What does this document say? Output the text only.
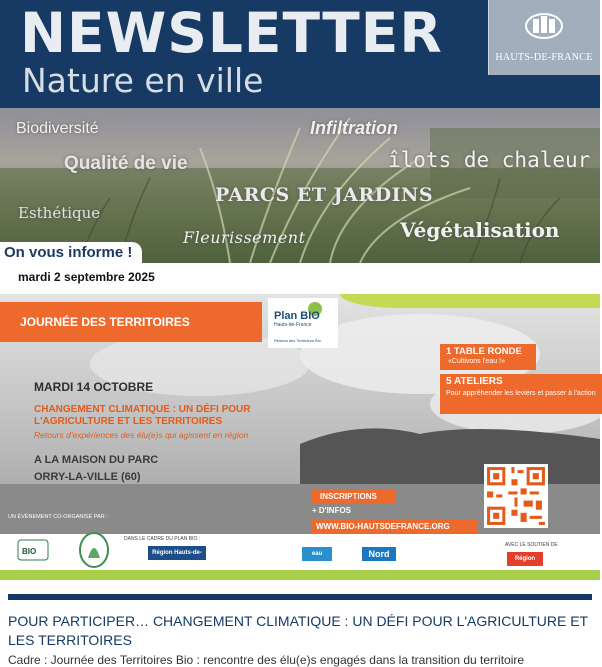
NEWSLETTER
Nature en ville
HAUTS-DE-FRANCE
Biodiversité	Infiltration
Qualité de vie	îlots de chaleur
PARCS ET JARDINS
Esthétique
Végétalisation
Fleurissement
On vous informe !
mardi 2 septembre 2025
JOURNÉE DES TERRITOIRES	Plan BIO
Hauts-de-France
Réseau des Territoires Bio
MARDI 14 OCTOBRE
CHANGEMENT CLIMATIQUE : UN DÉFI POUR L'AGRICULTURE ET LES TERRITOIRES
Retours d'expériences des élu(e)s qui agissent en région
A LA MAISON DU PARC
ORRY-LA-VILLE (60)
1 TABLE RONDE
«Cultivons l'eau !»
5 ATELIERS
Pour appréhender les leviers et passer à l'action
INSCRIPTIONS
+ D'INFOS
WWW.BIO-HAUTSDEFRANCE.ORG
UN ÉVÈNEMENT CO-ORGANISÉ PAR :
BIO
DANS LE CADRE DU PLAN BIO :
Région Hauts-de-France
eau	Nord
AVEC LE SOUTIEN DE
Région France
POUR PARTICIPER… CHANGEMENT CLIMATIQUE : UN DÉFI POUR L'AGRICULTURE ET LES TERRITOIRES
Cadre : Journée des Territoires Bio : rencontre des élu(e)s engagés dans la transition du territoire
